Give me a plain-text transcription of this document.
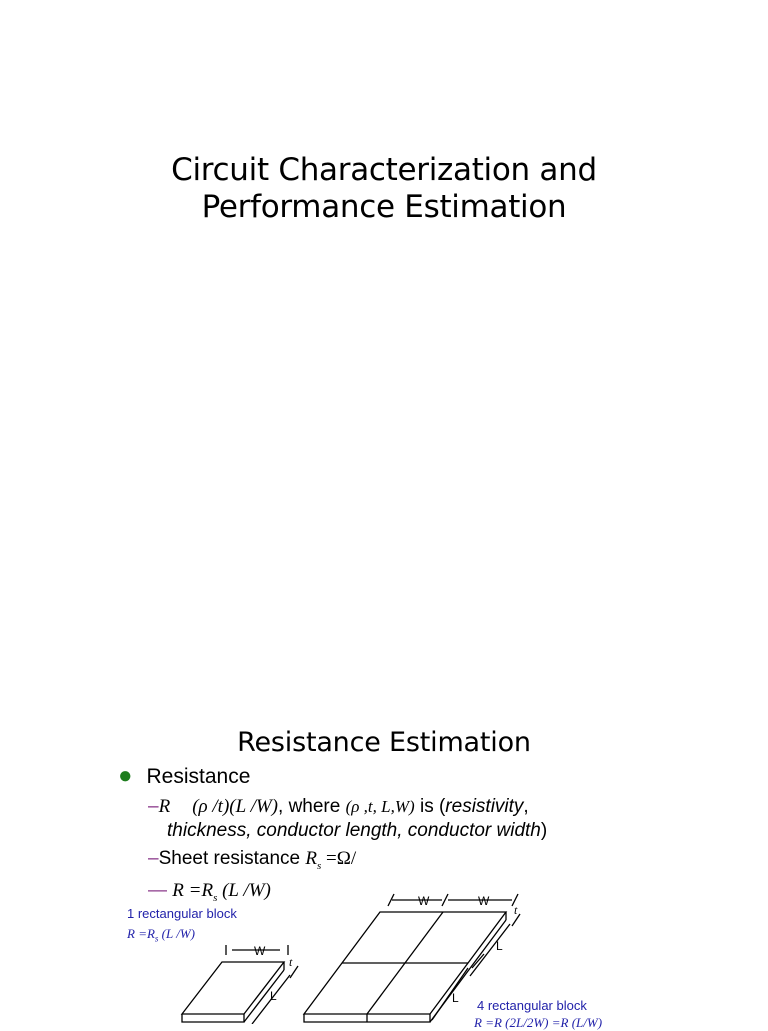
Circuit Characterization and
Performance Estimation
Resistance Estimation
● Resistance
–R (ρ /t)(L /W), where (ρ ,t, L,W) is (resistivity,
thickness, conductor length, conductor width)
–Sheet resistance $R_s =\Omega/$
— $R =R_s$ (L /W)
1 rectangular block
$R =R_s$ (L /W)
4 rectangular block
R =R (2L/2W) =R (L/W)
W
t
L
W	W
t
L
L
